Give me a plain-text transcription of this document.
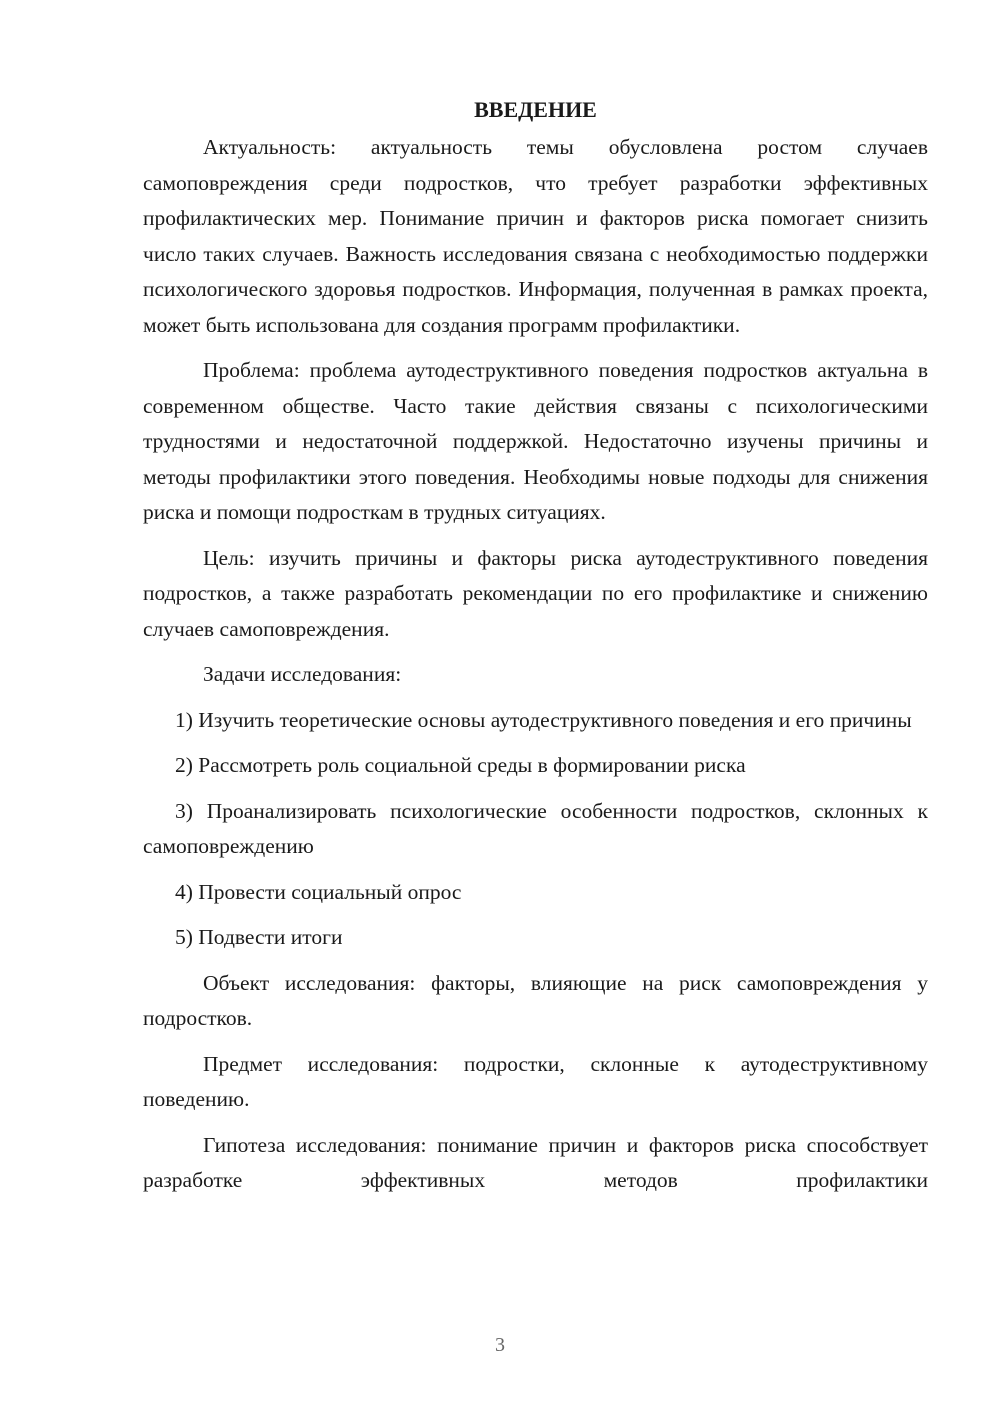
ВВЕДЕНИЕ

Актуальность: актуальность темы обусловлена ростом случаев самоповреждения среди подростков, что требует разработки эффективных профилактических мер. Понимание причин и факторов риска помогает снизить число таких случаев. Важность исследования связана с необходимостью поддержки психологического здоровья подростков. Информация, полученная в рамках проекта, может быть использована для создания программ профилактики.

Проблема: проблема аутодеструктивного поведения подростков актуальна в современном обществе. Часто такие действия связаны с психологическими трудностями и недостаточной поддержкой. Недостаточно изучены причины и методы профилактики этого поведения. Необходимы новые подходы для снижения риска и помощи подросткам в трудных ситуациях.

Цель: изучить причины и факторы риска аутодеструктивного поведения подростков, а также разработать рекомендации по его профилактике и снижению случаев самоповреждения.

Задачи исследования:

1) Изучить теоретические основы аутодеструктивного поведения и его причины

2) Рассмотреть роль социальной среды в формировании риска

3) Проанализировать психологические особенности подростков, склонных к самоповреждению

4) Провести социальный опрос

5) Подвести итоги

Объект исследования: факторы, влияющие на риск самоповреждения у подростков.

Предмет исследования: подростки, склонные к аутодеструктивному поведению.

Гипотеза исследования: понимание причин и факторов риска способствует разработке эффективных методов профилактики

3
